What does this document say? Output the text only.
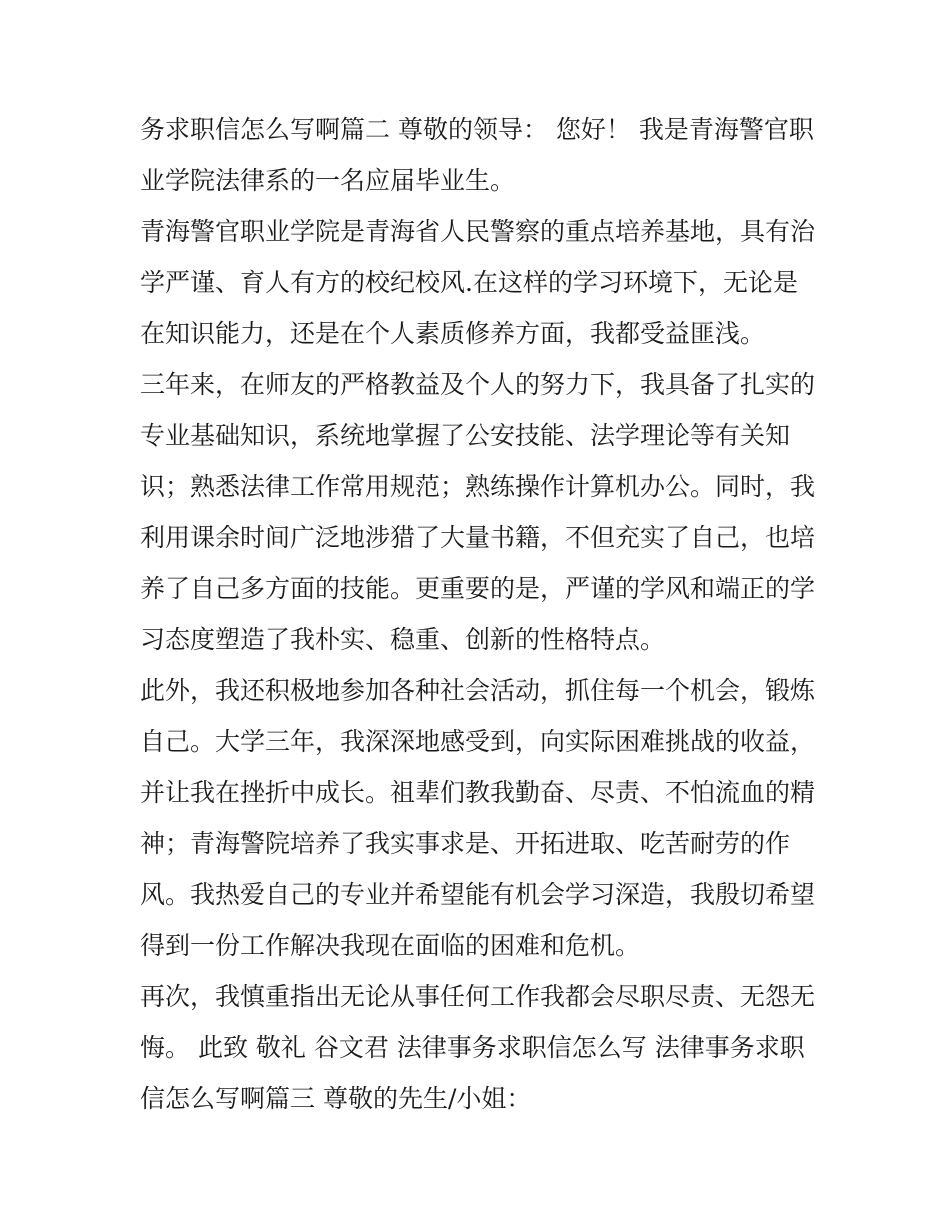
务求职信怎么写啊篇二 尊敬的领导： 您好！ 我是青海警官职
业学院法律系的一名应届毕业生。
青海警官职业学院是青海省人民警察的重点培养基地，具有治
学严谨、育人有方的校纪校风.在这样的学习环境下，无论是
在知识能力，还是在个人素质修养方面，我都受益匪浅。
三年来，在师友的严格教益及个人的努力下，我具备了扎实的
专业基础知识，系统地掌握了公安技能、法学理论等有关知
识；熟悉法律工作常用规范；熟练操作计算机办公。同时，我
利用课余时间广泛地涉猎了大量书籍，不但充实了自己，也培
养了自己多方面的技能。更重要的是，严谨的学风和端正的学
习态度塑造了我朴实、稳重、创新的性格特点。
此外，我还积极地参加各种社会活动，抓住每一个机会，锻炼
自己。大学三年，我深深地感受到，向实际困难挑战的收益，
并让我在挫折中成长。祖辈们教我勤奋、尽责、不怕流血的精
神；青海警院培养了我实事求是、开拓进取、吃苦耐劳的作
风。我热爱自己的专业并希望能有机会学习深造，我殷切希望
得到一份工作解决我现在面临的困难和危机。
再次，我慎重指出无论从事任何工作我都会尽职尽责、无怨无
悔。 此致 敬礼 谷文君 法律事务求职信怎么写 法律事务求职
信怎么写啊篇三 尊敬的先生/小姐：
